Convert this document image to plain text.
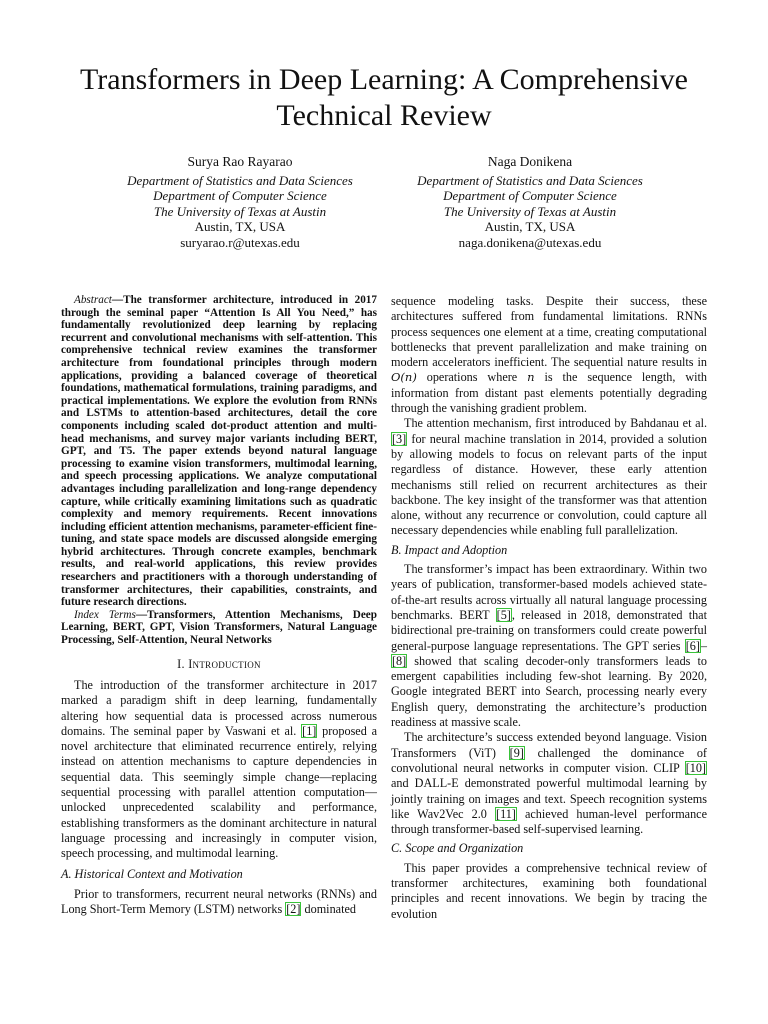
Transformers in Deep Learning: A Comprehensive Technical Review
Surya Rao Rayarao
Department of Statistics and Data Sciences
Department of Computer Science
The University of Texas at Austin
Austin, TX, USA
suryarao.r@utexas.edu
Naga Donikena
Department of Statistics and Data Sciences
Department of Computer Science
The University of Texas at Austin
Austin, TX, USA
naga.donikena@utexas.edu

Abstract—The transformer architecture, introduced in 2017 through the seminal paper “Attention Is All You Need,” has fundamentally revolutionized deep learning by replacing recurrent and convolutional mechanisms with self-attention. This comprehensive technical review examines the transformer architecture from foundational principles through modern applications, providing a balanced coverage of theoretical foundations, mathematical formulations, training paradigms, and practical implementations. We explore the evolution from RNNs and LSTMs to attention-based architectures, detail the core components including scaled dot-product attention and multi-head mechanisms, and survey major variants including BERT, GPT, and T5. The paper extends beyond natural language processing to examine vision transformers, multimodal learning, and speech processing applications. We analyze computational advantages including parallelization and long-range dependency capture, while critically examining limitations such as quadratic complexity and memory requirements. Recent innovations including efficient attention mechanisms, parameter-efficient fine-tuning, and state space models are discussed alongside emerging hybrid architectures. Through concrete examples, benchmark results, and real-world applications, this review provides researchers and practitioners with a thorough understanding of transformer architectures, their capabilities, constraints, and future research directions.

Index Terms—Transformers, Attention Mechanisms, Deep Learning, BERT, GPT, Vision Transformers, Natural Language Processing, Self-Attention, Neural Networks

I. Introduction

The introduction of the transformer architecture in 2017 marked a paradigm shift in deep learning, fundamentally altering how sequential data is processed across numerous domains. The seminal paper by Vaswani et al. [1] proposed a novel architecture that eliminated recurrence entirely, relying instead on attention mechanisms to capture dependencies in sequential data. This seemingly simple change—replacing sequential processing with parallel attention computation—unlocked unprecedented scalability and performance, establishing transformers as the dominant architecture in natural language processing and increasingly in computer vision, speech processing, and multimodal learning.

A. Historical Context and Motivation

Prior to transformers, recurrent neural networks (RNNs) and Long Short-Term Memory (LSTM) networks [2] dominated

sequence modeling tasks. Despite their success, these architectures suffered from fundamental limitations. RNNs process sequences one element at a time, creating computational bottlenecks that prevent parallelization and make training on modern accelerators inefficient. The sequential nature results in O(n) operations where n is the sequence length, with information from distant past elements potentially degrading through the vanishing gradient problem.

The attention mechanism, first introduced by Bahdanau et al. [3] for neural machine translation in 2014, provided a solution by allowing models to focus on relevant parts of the input regardless of distance. However, these early attention mechanisms still relied on recurrent architectures as their backbone. The key insight of the transformer was that attention alone, without any recurrence or convolution, could capture all necessary dependencies while enabling full parallelization.

B. Impact and Adoption

The transformer’s impact has been extraordinary. Within two years of publication, transformer-based models achieved state-of-the-art results across virtually all natural language processing benchmarks. BERT [5], released in 2018, demonstrated that bidirectional pre-training on transformers could create powerful general-purpose language representations. The GPT series [6]–[8] showed that scaling decoder-only transformers leads to emergent capabilities including few-shot learning. By 2020, Google integrated BERT into Search, processing nearly every English query, demonstrating the architecture’s production readiness at massive scale.

The architecture’s success extended beyond language. Vision Transformers (ViT) [9] challenged the dominance of convolutional neural networks in computer vision. CLIP [10] and DALL-E demonstrated powerful multimodal learning by jointly training on images and text. Speech recognition systems like Wav2Vec 2.0 [11] achieved human-level performance through transformer-based self-supervised learning.

C. Scope and Organization

This paper provides a comprehensive technical review of transformer architectures, examining both foundational principles and recent innovations. We begin by tracing the evolution
